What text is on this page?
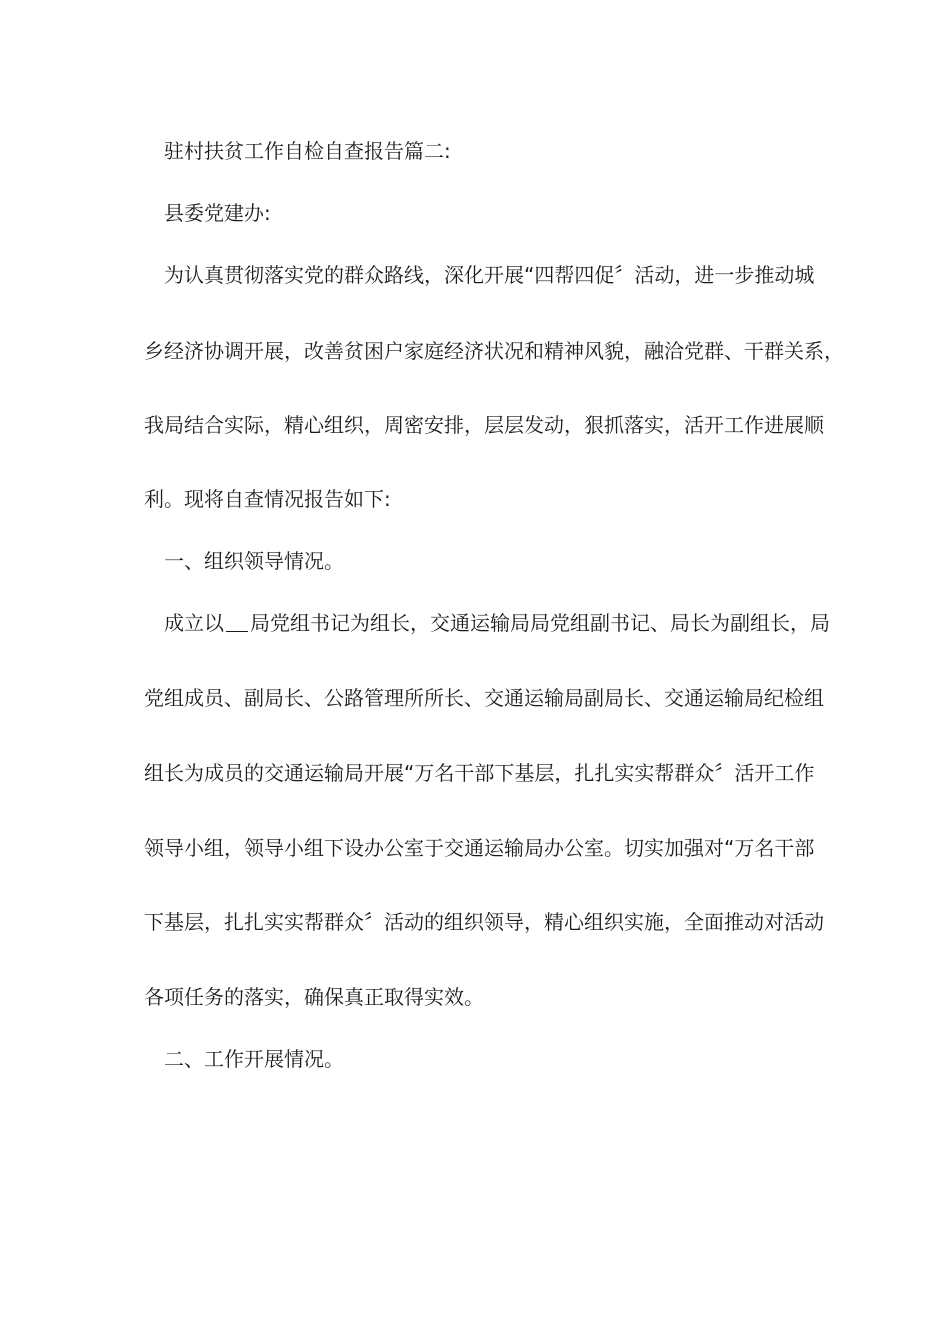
驻村扶贫工作自检自查报告篇二:
县委党建办:
为认真贯彻落实党的群众路线，深化开展“四帮四促〞活动，进一步推动城
乡经济协调开展，改善贫困户家庭经济状况和精神风貌，融洽党群、干群关系，
我局结合实际，精心组织，周密安排，层层发动，狠抓落实，活开工作进展顺
利。现将自查情况报告如下:
一、组织领导情况。
成立以 局党组书记为组长，交通运输局局党组副书记、局长为副组长，局
党组成员、副局长、公路管理所所长、交通运输局副局长、交通运输局纪检组
组长为成员的交通运输局开展“万名干部下基层，扎扎实实帮群众〞活开工作
领导小组，领导小组下设办公室于交通运输局办公室。切实加强对“万名干部
下基层，扎扎实实帮群众〞活动的组织领导，精心组织实施，全面推动对活动
各项任务的落实，确保真正取得实效。
二、工作开展情况。
